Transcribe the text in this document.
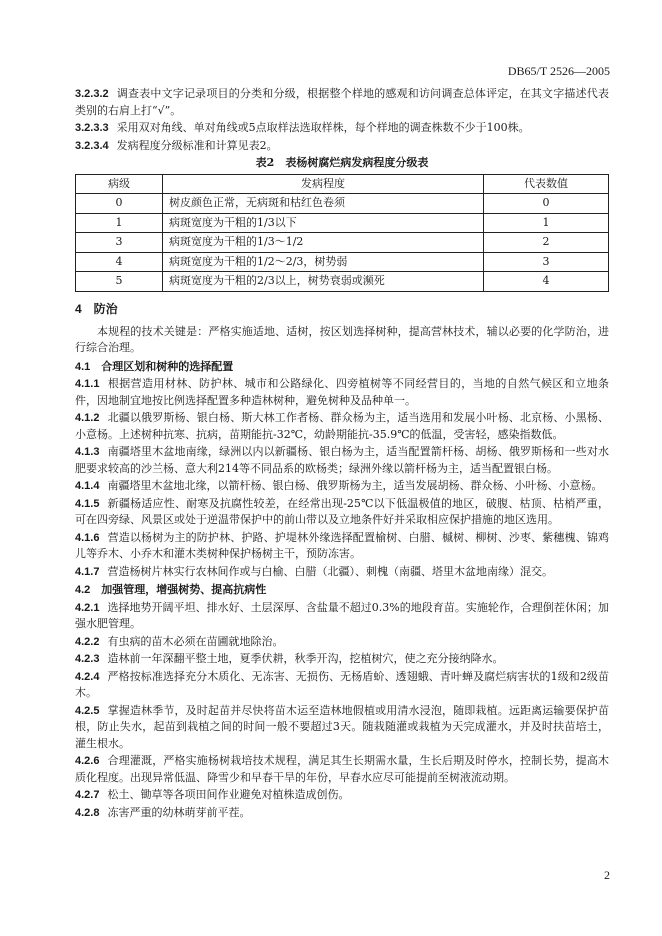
DB65/T 2526—2005

3.2.3.2 调查表中文字记录项目的分类和分级，根据整个样地的感观和访问调查总体评定，在其文字描述代表类别的右肩上打“√”。

3.2.3.3 采用双对角线、单对角线或5点取样法选取样株，每个样地的调查株数不少于100株。

3.2.3.4 发病程度分级标准和计算见表2。

表2　表杨树腐烂病发病程度分级表
病级	发病程度	代表数值
0	树皮颜色正常，无病斑和枯红色卷须	0
1	病斑宽度为干粗的1/3以下	1
3	病斑宽度为干粗的1/3～1/2	2
4	病斑宽度为干粗的1/2～2/3，树势弱	3
5	病斑宽度为干粗的2/3以上，树势衰弱或濒死	4
4　防治

本规程的技术关键是：严格实施适地、适树，按区划选择树种，提高营林技术，辅以必要的化学防治，进行综合治理。

4.1　合理区划和树种的选择配置

4.1.1 根据营造用材林、防护林、城市和公路绿化、四旁植树等不同经营目的，当地的自然气候区和立地条件，因地制宜地按比例选择配置多种造林树种，避免树种及品种单一。

4.1.2 北疆以俄罗斯杨、银白杨、斯大林工作者杨、群众杨为主，适当选用和发展小叶杨、北京杨、小黑杨、小意杨。上述树种抗寒、抗病，苗期能抗-32℃，幼龄期能抗-35.9℃的低温，受害轻，感染指数低。

4.1.3 南疆塔里木盆地南缘，绿洲以内以新疆杨、银白杨为主，适当配置箭杆杨、胡杨、俄罗斯杨和一些对水肥要求较高的沙兰杨、意大利214等不同品系的欧杨类；绿洲外缘以箭杆杨为主，适当配置银白杨。

4.1.4 南疆塔里木盆地北缘，以箭杆杨、银白杨、俄罗斯杨为主，适当发展胡杨、群众杨、小叶杨、小意杨。

4.1.5 新疆杨适应性、耐寒及抗腐性较差，在经常出现-25℃以下低温极值的地区，破腹、枯顶、枯梢严重，可在四旁绿、风景区或处于逆温带保护中的前山带以及立地条件好并采取相应保护措施的地区选用。

4.1.6 营造以杨树为主的防护林、护路、护堤林外缘选择配置榆树、白腊、槭树、柳树、沙枣、紫穗槐、锦鸡儿等乔木、小乔木和灌木类树种保护杨树主干，预防冻害。

4.1.7 营造杨树片林实行农林间作或与白榆、白腊（北疆）、刺槐（南疆、塔里木盆地南缘）混交。

4.2　加强管理，增强树势、提高抗病性

4.2.1 选择地势开阔平坦、排水好、土层深厚、含盐量不超过0.3%的地段育苗。实施轮作，合理倒茬休闲；加强水肥管理。

4.2.2 有虫病的苗木必须在苗圃就地除治。

4.2.3 造林前一年深翻平整土地，夏季伏耕，秋季开沟，挖植树穴，使之充分接纳降水。

4.2.4 严格按标准选择充分木质化、无冻害、无损伤、无杨盾蚧、透翅蛾、青叶蝉及腐烂病害状的1级和2级苗木。

4.2.5 掌握造林季节，及时起苗并尽快将苗木运至造林地假植或用清水浸泡，随即栽植。远距离运输要保护苗根，防止失水，起苗到栽植之间的时间一般不要超过3天。随栽随灌或栽植为天完成灌水，并及时扶苗培土，灌生根水。

4.2.6 合理灌溉，严格实施杨树栽培技术规程，满足其生长期需水量，生长后期及时停水，控制长势，提高木质化程度。出现异常低温、降雪少和早春干旱的年份，早春水应尽可能提前至树液流动期。

4.2.7 松土、锄草等各项田间作业避免对植株造成创伤。

4.2.8 冻害严重的幼林萌芽前平茬。

2
